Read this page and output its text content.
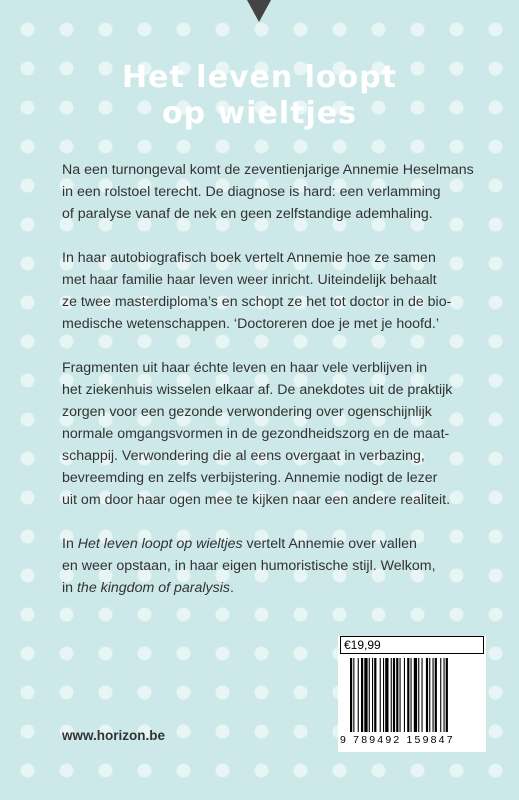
Het leven loopt
op wieltjes

Na een turnongeval komt de zeventienjarige Annemie Heselmans
in een rolstoel terecht. De diagnose is hard: een verlamming
of paralyse vanaf de nek en geen zelfstandige ademhaling.

In haar autobiografisch boek vertelt Annemie hoe ze samen
met haar familie haar leven weer inricht. Uiteindelijk behaalt
ze twee masterdiploma’s en schopt ze het tot doctor in de bio-
medische wetenschappen. ‘Doctoreren doe je met je hoofd.’

Fragmenten uit haar échte leven en haar vele verblijven in
het ziekenhuis wisselen elkaar af. De anekdotes uit de praktijk
zorgen voor een gezonde verwondering over ogenschijnlijk
normale omgangsvormen in de gezondheidszorg en de maat-
schappij. Verwondering die al eens overgaat in verbazing,
bevreemding en zelfs verbijstering. Annemie nodigt de lezer
uit om door haar ogen mee te kijken naar een andere realiteit.

In Het leven loopt op wieltjes vertelt Annemie over vallen
en weer opstaan, in haar eigen humoristische stijl. Welkom,
in the kingdom of paralysis.

www.horizon.be
€19,99
9 789492 159847
